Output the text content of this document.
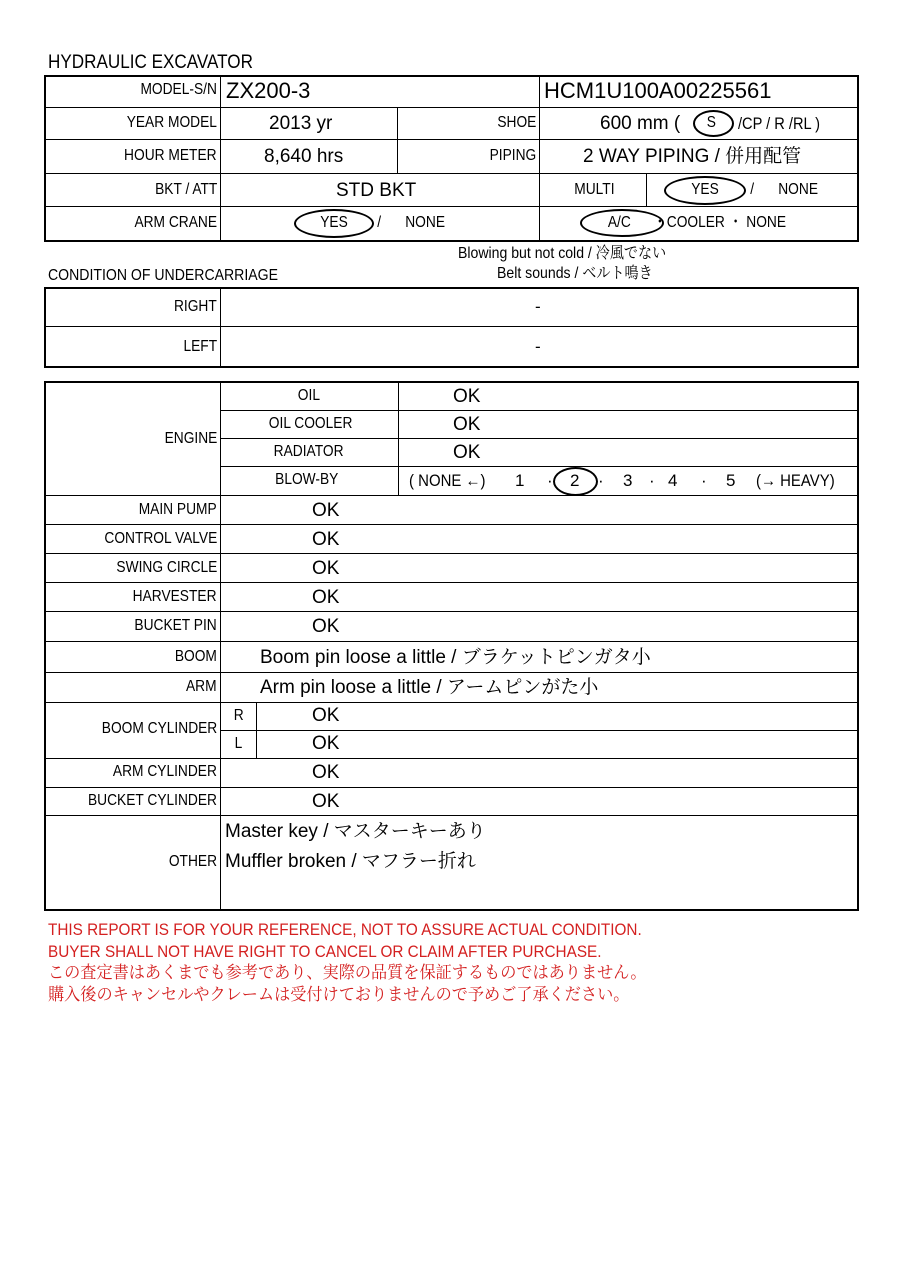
HYDRAULIC EXCAVATOR
MODEL-S/N ZX200-3	HCM1U100A00225561
YEAR MODEL	2013 yr	SHOE	600 mm ( S /CP / R /RL )
HOUR METER 8,640 hrs	PIPING 2 WAY PIPING / 併用配管
BKT / ATT	STD BKT	MULTI	YES / NONE
ARM CRANE	YES / NONE	A/C ・COOLER ・ NONE
Blowing but not cold / 冷風でない
Belt sounds / ベルト鳴き
CONDITION OF UNDERCARRIAGE
RIGHT	-
LEFT	-
ENGINE
OIL	OK
OIL COOLER	OK
RADIATOR	OK
BLOW-BY	( NONE ←) 1 · 2 · 3 · 4 · 5 (→ HEAVY)
MAIN PUMP	OK
CONTROL VALVE	OK
SWING CIRCLE	OK
HARVESTER	OK
BUCKET PIN	OK
BOOM Boom pin loose a little / ブラケットピンガタ小
ARM Arm pin loose a little / アームピンがた小
BOOM CYLINDER
R	OK
L	OK
ARM CYLINDER	OK
BUCKET CYLINDER	OK
OTHER
Master key / マスターキーあり
Muffler broken / マフラー折れ
THIS REPORT IS FOR YOUR REFERENCE, NOT TO ASSURE ACTUAL CONDITION.
BUYER SHALL NOT HAVE RIGHT TO CANCEL OR CLAIM AFTER PURCHASE.
この査定書はあくまでも参考であり、実際の品質を保証するものではありません。
購入後のキャンセルやクレームは受付けておりませんので予めご了承ください。
